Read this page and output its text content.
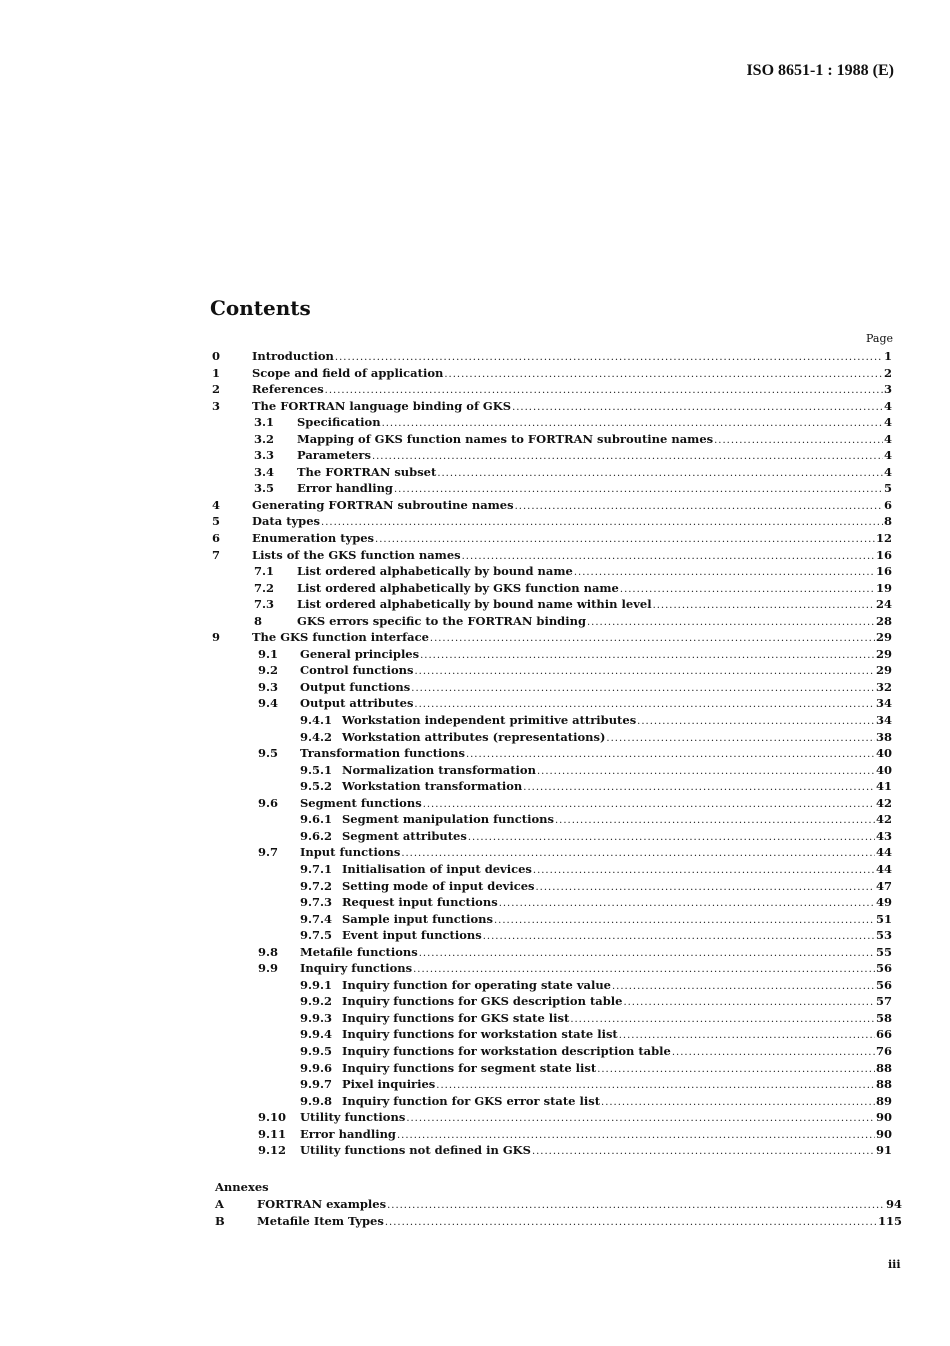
ISO 8651-1 : 1988 (E)
Contents
Page
0	Introduction .....	1
1	Scope and field of application .....	2
2	References .....	3
3	The FORTRAN language binding of GKS .....	4
3.1 Specification .....	4
3.2 Mapping of GKS function names to FORTRAN subroutine names .....	4
3.3 Parameters .....	4
3.4 The FORTRAN subset .....	4
3.5 Error handling .....	5
4	Generating FORTRAN subroutine names .....	6
5	Data types .....	8
6	Enumeration types .....	12
7	Lists of the GKS function names .....	16
7.1 List ordered alphabetically by bound name .....	16
7.2 List ordered alphabetically by GKS function name .....	19
7.3 List ordered alphabetically by bound name within level .....	24
8	GKS errors specific to the FORTRAN binding .....	28
9	The GKS function interface .....	29
9.1 General principles .....	29
9.2 Control functions .....	29
9.3 Output functions .....	32
9.4 Output attributes .....	34
9.4.1 Workstation independent primitive attributes .....	34
9.4.2 Workstation attributes (representations) .....	38
9.5 Transformation functions .....	40
9.5.1 Normalization transformation .....	40
9.5.2 Workstation transformation .....	41
9.6 Segment functions .....	42
9.6.1 Segment manipulation functions .....	42
9.6.2 Segment attributes .....	43
9.7 Input functions .....	44
9.7.1 Initialisation of input devices .....	44
9.7.2 Setting mode of input devices .....	47
9.7.3 Request input functions .....	49
9.7.4 Sample input functions .....	51
9.7.5 Event input functions .....	53
9.8 Metafile functions .....	55
9.9 Inquiry functions .....	56
9.9.1 Inquiry function for operating state value .....	56
9.9.2 Inquiry functions for GKS description table .....	57
9.9.3 Inquiry functions for GKS state list .....	58
9.9.4 Inquiry functions for workstation state list .....	66
9.9.5 Inquiry functions for workstation description table .....	76
9.9.6 Inquiry functions for segment state list .....	88
9.9.7 Pixel inquiries .....	88
9.9.8 Inquiry function for GKS error state list .....	89
9.10 Utility functions .....	90
9.11 Error handling .....	90
9.12 Utility functions not defined in GKS .....	91
Annexes
A	FORTRAN examples .....	94
B	Metafile Item Types .....	115
iii
